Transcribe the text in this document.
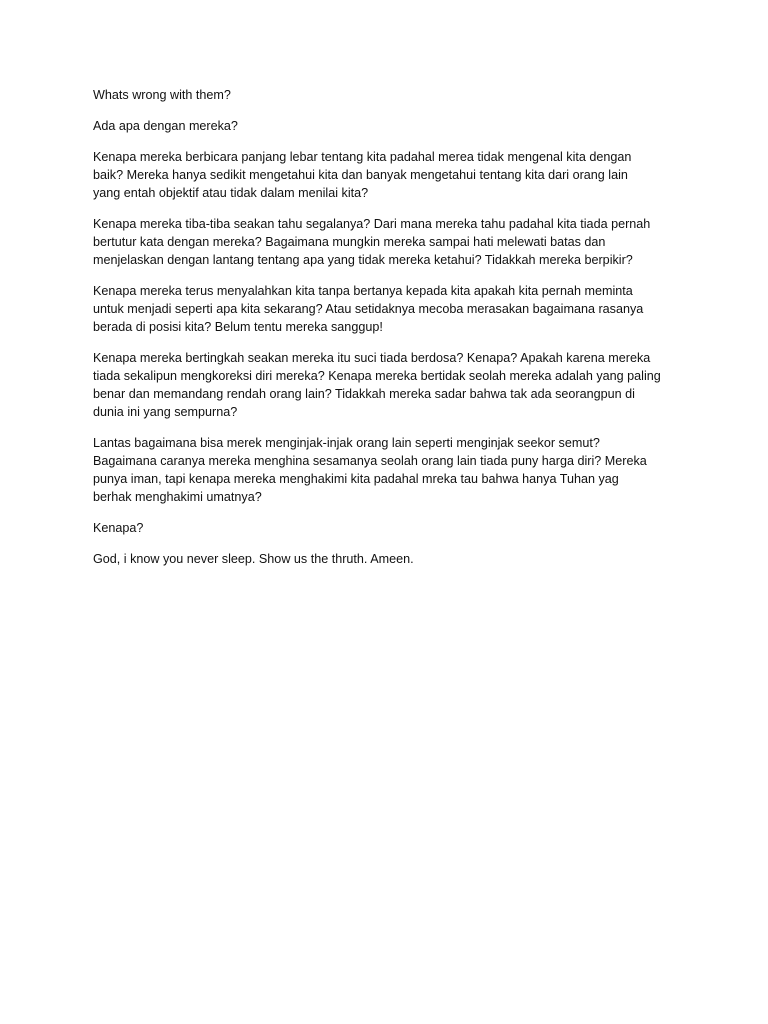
Whats wrong with them?

Ada apa dengan mereka?

Kenapa mereka berbicara panjang lebar tentang kita padahal merea tidak mengenal kita dengan
baik? Mereka hanya sedikit mengetahui kita dan banyak mengetahui tentang kita dari orang lain
yang entah objektif atau tidak dalam menilai kita?

Kenapa mereka tiba-tiba seakan tahu segalanya? Dari mana mereka tahu padahal kita tiada pernah
bertutur kata dengan mereka? Bagaimana mungkin mereka sampai hati melewati batas dan
menjelaskan dengan lantang tentang apa yang tidak mereka ketahui? Tidakkah mereka berpikir?

Kenapa mereka terus menyalahkan kita tanpa bertanya kepada kita apakah kita pernah meminta
untuk menjadi seperti apa kita sekarang? Atau setidaknya mecoba merasakan bagaimana rasanya
berada di posisi kita? Belum tentu mereka sanggup!

Kenapa mereka bertingkah seakan mereka itu suci tiada berdosa? Kenapa? Apakah karena mereka
tiada sekalipun mengkoreksi diri mereka? Kenapa mereka bertidak seolah mereka adalah yang paling
benar dan memandang rendah orang lain? Tidakkah mereka sadar bahwa tak ada seorangpun di
dunia ini yang sempurna?

Lantas bagaimana bisa merek menginjak-injak orang lain seperti menginjak seekor semut?
Bagaimana caranya mereka menghina sesamanya seolah orang lain tiada puny harga diri? Mereka
punya iman, tapi kenapa mereka menghakimi kita padahal mreka tau bahwa hanya Tuhan yag
berhak menghakimi umatnya?

Kenapa?

God, i know you never sleep. Show us the thruth. Ameen.
